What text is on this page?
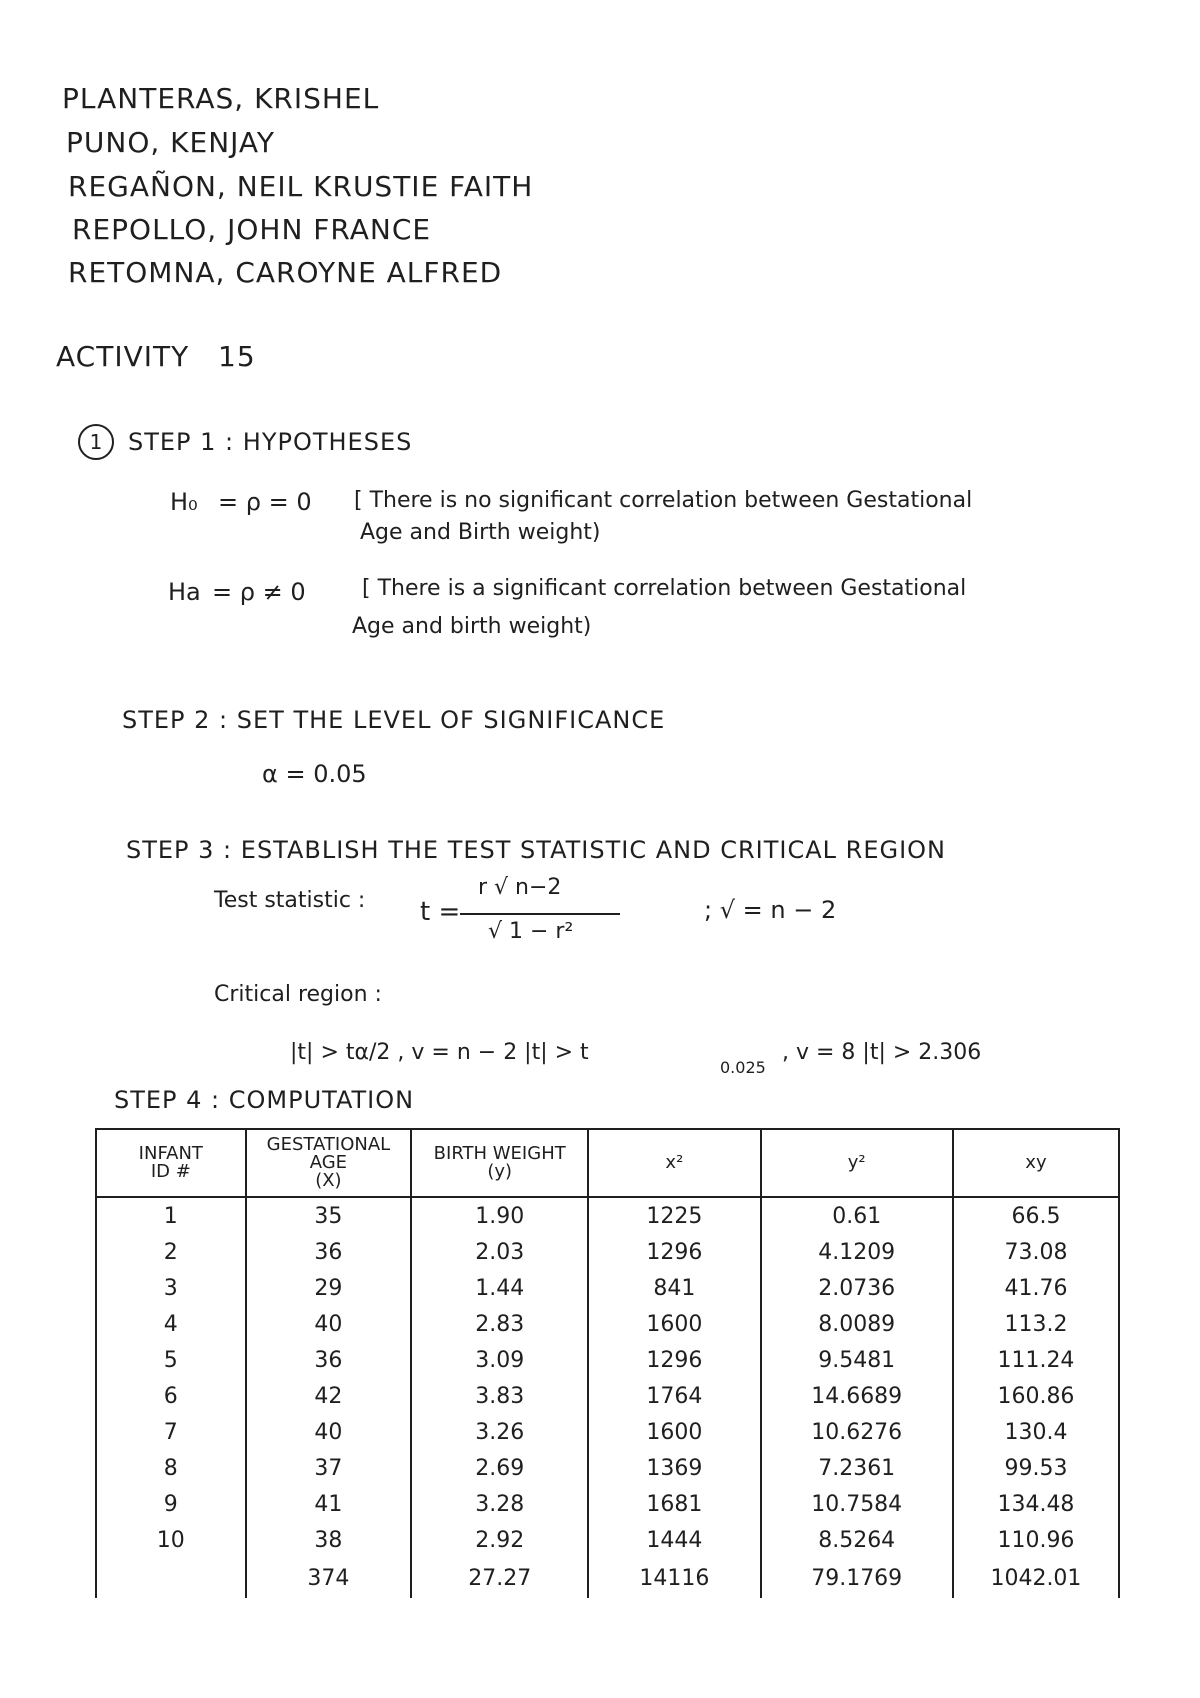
PLANTERAS, KRISHEL
PUNO, KENJAY
REGAÑON, NEIL KRUSTIE FAITH
REPOLLO, JOHN FRANCE
RETOMNA, CAROYNE ALFRED
ACTIVITY 15
1	STEP 1 : HYPOTHESES
H₀ = ρ = 0 [ There is no significant correlation between Gestational
Age and Birth weight)
Ha = ρ ≠ 0	[ There is a significant correlation between Gestational
Age and birth weight)
STEP 2 : SET THE LEVEL OF SIGNIFICANCE
α = 0.05
STEP 3 : ESTABLISH THE TEST STATISTIC AND CRITICAL REGION
Test statistic : t =
r √ n−2
√ 1 − r²
; √ = n − 2
Critical region :
|t| > tα/2 , v = n − 2 |t| > t
0.025
, v = 8 |t| > 2.306
STEP 4 : COMPUTATION
INFANT
ID #	GESTATIONAL
AGE
(X)	BIRTH WEIGHT
(y)	x²	y²	xy
1	35	1.90	1225	0.61	66.5
2	36	2.03	1296	4.1209	73.08
3	29	1.44	841	2.0736	41.76
4	40	2.83	1600	8.0089	113.2
5	36	3.09	1296	9.5481	111.24
6	42	3.83	1764	14.6689	160.86
7	40	3.26	1600	10.6276	130.4
8	37	2.69	1369	7.2361	99.53
9	41	3.28	1681	10.7584	134.48
10	38	2.92	1444	8.5264	110.96
	374	27.27	14116	79.1769	1042.01
